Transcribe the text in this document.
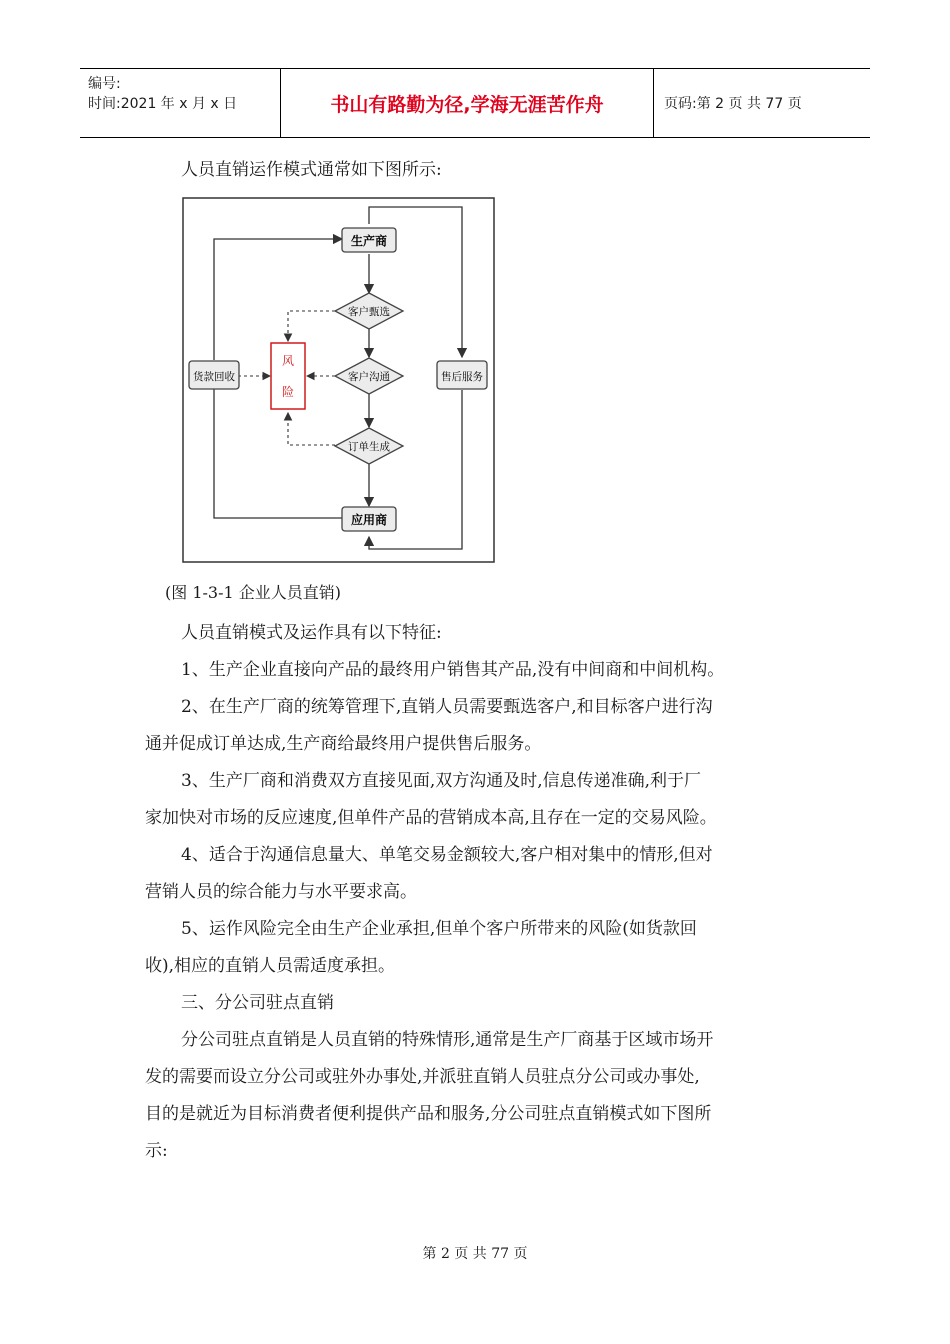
编号:
时间:2021 年 x 月 x 日	书山有路勤为径,学海无涯苦作舟	页码:第 2 页 共 77 页

人员直销运作模式通常如下图所示:

生产商
客户甄选
客户沟通
订单生成
应用商
风
险
货款回收	售后服务
(图 1-3-1 企业人员直销)

人员直销模式及运作具有以下特征:

1、生产企业直接向产品的最终用户销售其产品,没有中间商和中间机构。

2、在生产厂商的统筹管理下,直销人员需要甄选客户,和目标客户进行沟

通并促成订单达成,生产商给最终用户提供售后服务。

3、生产厂商和消费双方直接见面,双方沟通及时,信息传递准确,利于厂

家加快对市场的反应速度,但单件产品的营销成本高,且存在一定的交易风险。

4、适合于沟通信息量大、单笔交易金额较大,客户相对集中的情形,但对

营销人员的综合能力与水平要求高。

5、运作风险完全由生产企业承担,但单个客户所带来的风险(如货款回

收),相应的直销人员需适度承担。

三、分公司驻点直销

分公司驻点直销是人员直销的特殊情形,通常是生产厂商基于区域市场开

发的需要而设立分公司或驻外办事处,并派驻直销人员驻点分公司或办事处,

目的是就近为目标消费者便利提供产品和服务,分公司驻点直销模式如下图所

示:

第 2 页 共 77 页
